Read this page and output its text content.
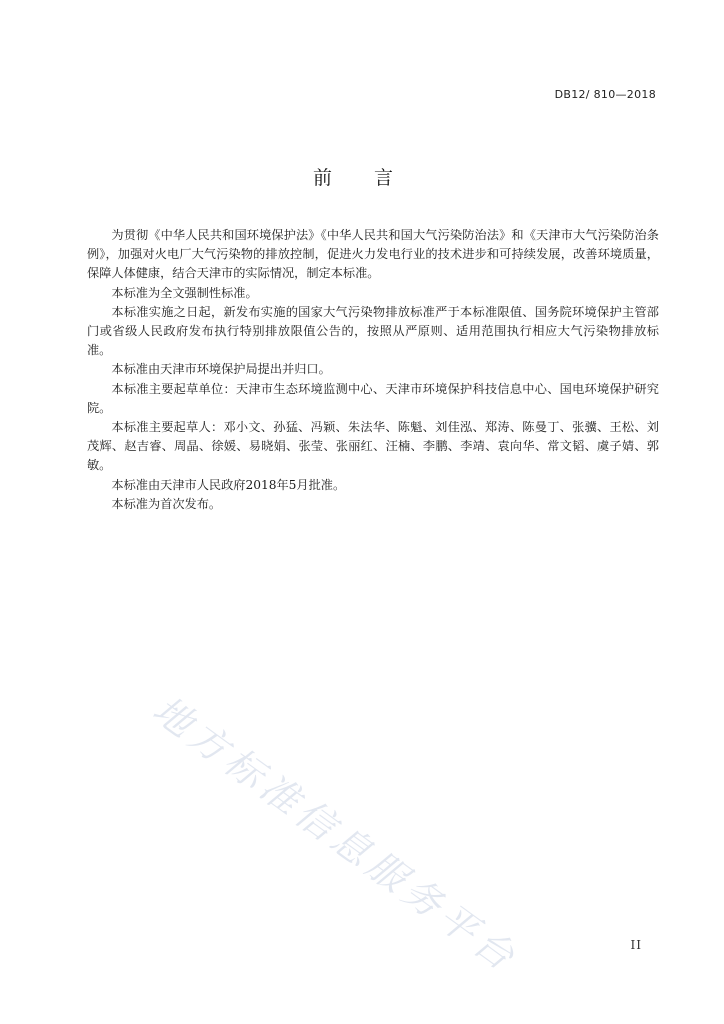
DB12/ 810—2018
前 言

为贯彻《中华人民共和国环境保护法》《中华人民共和国大气污染防治法》和《天津市大气污染防治条例》，加强对火电厂大气污染物的排放控制，促进火力发电行业的技术进步和可持续发展，改善环境质量，保障人体健康，结合天津市的实际情况，制定本标准。

本标准为全文强制性标准。

本标准实施之日起，新发布实施的国家大气污染物排放标准严于本标准限值、国务院环境保护主管部门或省级人民政府发布执行特别排放限值公告的，按照从严原则、适用范围执行相应大气污染物排放标准。

本标准由天津市环境保护局提出并归口。

本标准主要起草单位：天津市生态环境监测中心、天津市环境保护科技信息中心、国电环境保护研究院。

本标准主要起草人：邓小文、孙猛、冯颖、朱法华、陈魁、刘佳泓、郑涛、陈曼丁、张骥、王松、刘茂辉、赵吉睿、周晶、徐媛、易晓娟、张莹、张丽红、汪楠、李鹏、李靖、袁向华、常文韬、虞子婧、郭敏。

本标准由天津市人民政府2018年5月批准。

本标准为首次发布。

地方标准信息服务平台	II
